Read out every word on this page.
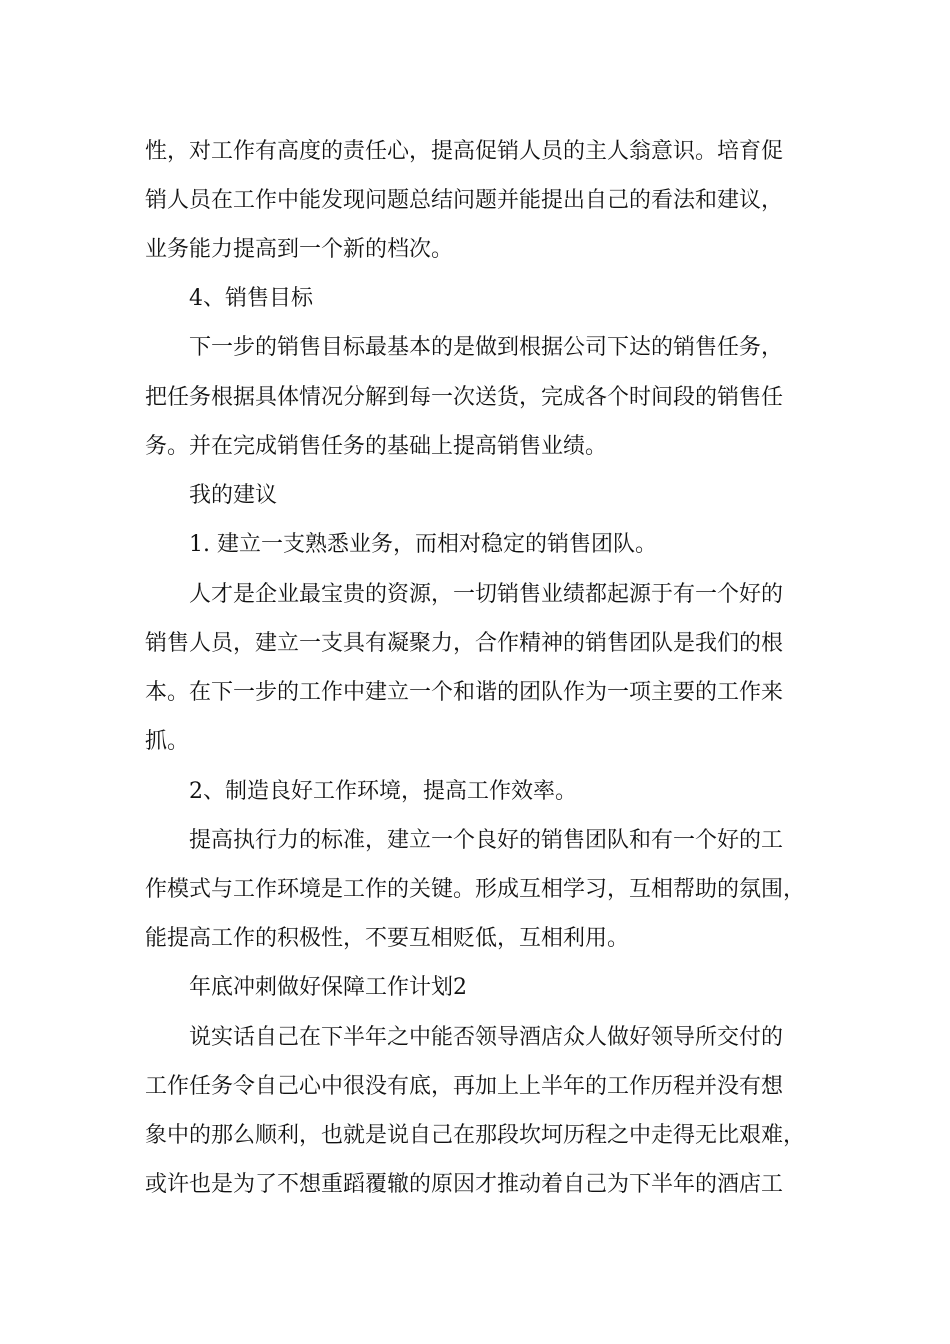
性，对工作有高度的责任心，提高促销人员的主人翁意识。培育促
销人员在工作中能发现问题总结问题并能提出自己的看法和建议，
业务能力提高到一个新的档次。
4、销售目标
下一步的销售目标最基本的是做到根据公司下达的销售任务，
把任务根据具体情况分解到每一次送货，完成各个时间段的销售任
务。并在完成销售任务的基础上提高销售业绩。
我的建议
1. 建立一支熟悉业务，而相对稳定的销售团队。
人才是企业最宝贵的资源，一切销售业绩都起源于有一个好的
销售人员，建立一支具有凝聚力，合作精神的销售团队是我们的根
本。在下一步的工作中建立一个和谐的团队作为一项主要的工作来
抓。
2、制造良好工作环境，提高工作效率。
提高执行力的标准，建立一个良好的销售团队和有一个好的工
作模式与工作环境是工作的关键。形成互相学习，互相帮助的氛围，
能提高工作的积极性，不要互相贬低，互相利用。
年底冲刺做好保障工作计划2
说实话自己在下半年之中能否领导酒店众人做好领导所交付的
工作任务令自己心中很没有底，再加上上半年的工作历程并没有想
象中的那么顺利，也就是说自己在那段坎坷历程之中走得无比艰难，
或许也是为了不想重蹈覆辙的原因才推动着自己为下半年的酒店工
